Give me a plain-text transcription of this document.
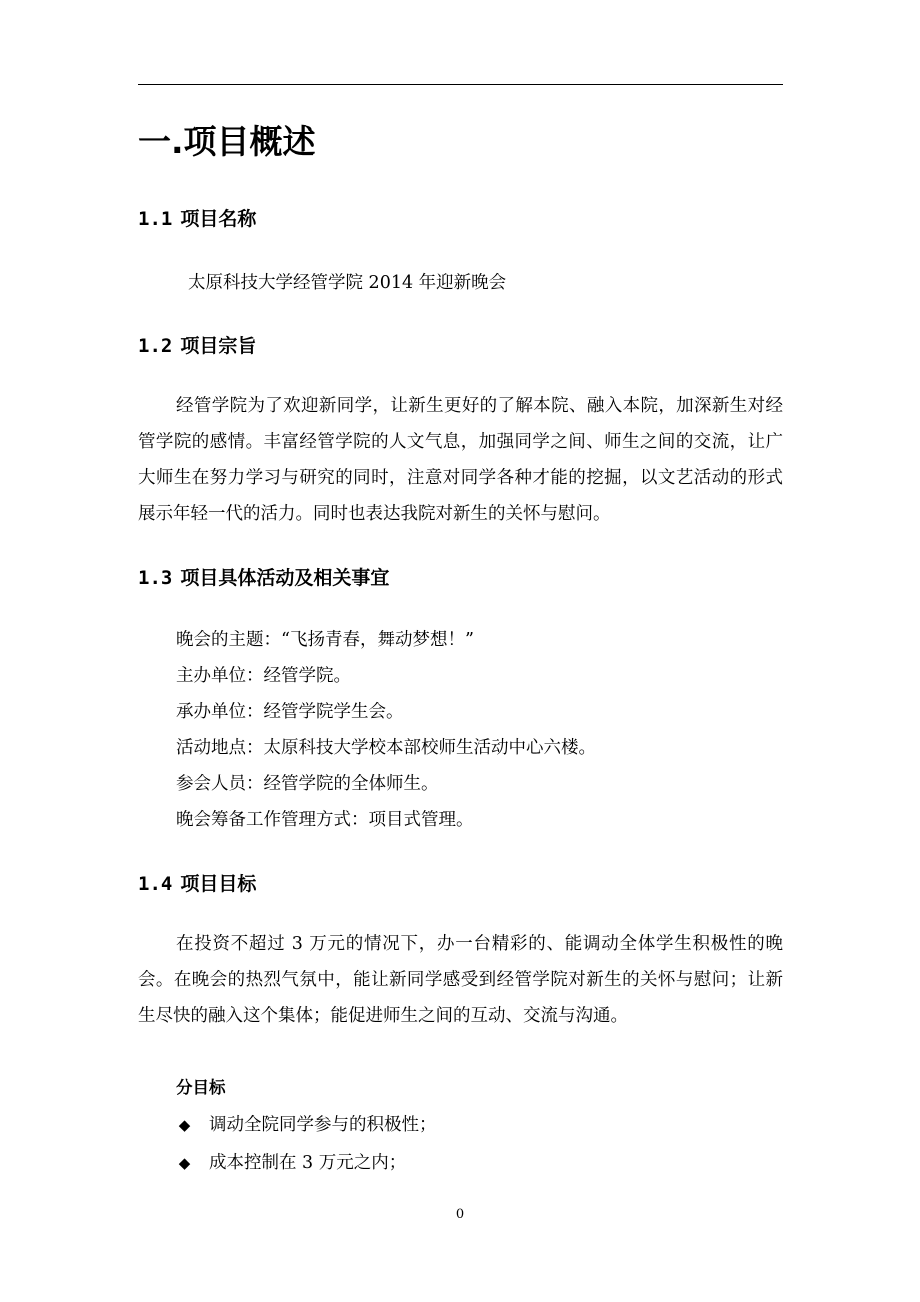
一.项目概述
1.1 项目名称
太原科技大学经管学院 2014 年迎新晚会
1.2 项目宗旨
经管学院为了欢迎新同学，让新生更好的了解本院、融入本院，加深新生对经管学院的感情。丰富经管学院的人文气息，加强同学之间、师生之间的交流，让广大师生在努力学习与研究的同时，注意对同学各种才能的挖掘，以文艺活动的形式展示年轻一代的活力。同时也表达我院对新生的关怀与慰问。
1.3 项目具体活动及相关事宜
晚会的主题：“飞扬青春，舞动梦想！”
主办单位：经管学院。
承办单位：经管学院学生会。
活动地点：太原科技大学校本部校师生活动中心六楼。
参会人员：经管学院的全体师生。
晚会筹备工作管理方式：项目式管理。
1.4 项目目标
在投资不超过 3 万元的情况下，办一台精彩的、能调动全体学生积极性的晚会。在晚会的热烈气氛中，能让新同学感受到经管学院对新生的关怀与慰问；让新生尽快的融入这个集体；能促进师生之间的互动、交流与沟通。
分目标
◆ 调动全院同学参与的积极性；
◆ 成本控制在 3 万元之内；
0
